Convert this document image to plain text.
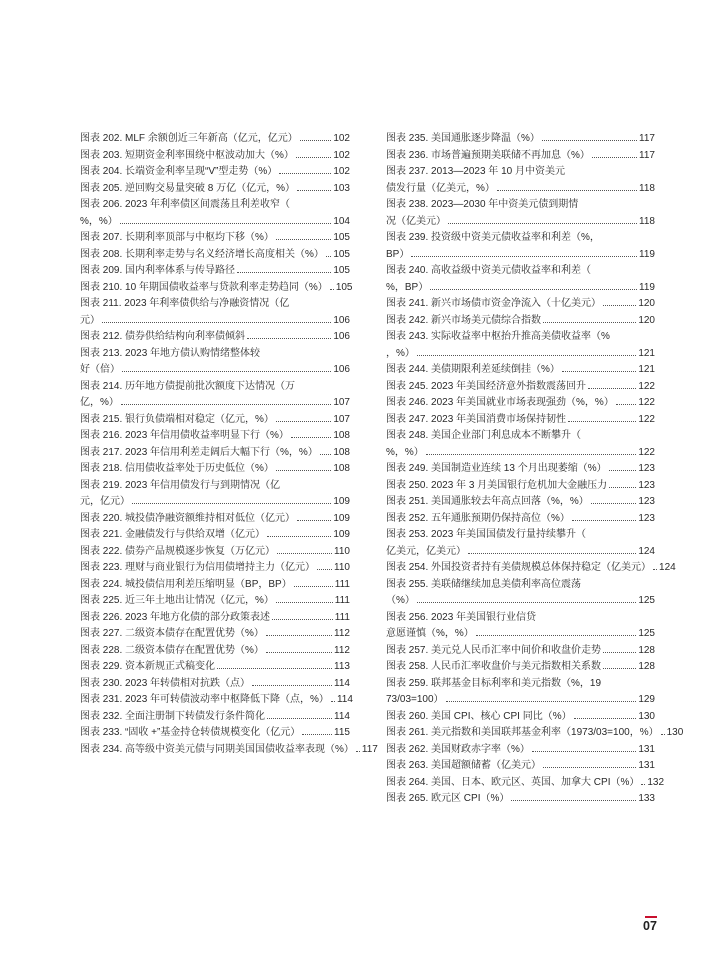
图表 202. MLF 余额创近三年新高（亿元，亿元）	102
图表 203. 短期资金利率围绕中枢波动加大（%）	102
图表 204. 长端资金利率呈现“V”型走势（%）	102
图表 205. 逆回购交易量突破 8 万亿（亿元，%）	103
图表 206. 2023 年利率债区间震荡且利差收窄（
%，%）	104
图表 207. 长期利率顶部与中枢均下移（%）	105
图表 208. 长期利率走势与名义经济增长高度相关（%） 105
图表 209. 国内利率体系与传导路径	105
图表 210. 10 年期国债收益率与贷款利率走势趋同（%） 105
图表 211. 2023 年利率债供给与净融资情况（亿
元）	106
图表 212. 债券供给结构向利率债倾斜	106
图表 213. 2023 年地方债认购情绪整体较
好（倍）	106
图表 214. 历年地方债提前批次额度下达情况（万
亿，%）	107
图表 215. 银行负债端相对稳定（亿元，%）	107
图表 216. 2023 年信用债收益率明显下行（%）	108
图表 217. 2023 年信用利差走阔后大幅下行（%，%） 108
图表 218. 信用债收益率处于历史低位（%）	108
图表 219. 2023 年信用债发行与到期情况（亿
元，亿元）	109
图表 220. 城投债净融资额维持相对低位（亿元）	109
图表 221. 金融债发行与供给双增（亿元）	109
图表 222. 债券产品规模逐步恢复（万亿元）	110
图表 223. 理财与商业银行为信用债增持主力（亿元） 110
图表 224. 城投债信用利差压缩明显（BP，BP）	111
图表 225. 近三年土地出让情况（亿元，%）	111
图表 226. 2023 年地方化债的部分政策表述	111
图表 227. 二级资本债存在配置优势（%）	112
图表 228. 二级资本债存在配置优势（%）	112
图表 229. 资本新规正式稿变化	113
图表 230. 2023 年转债相对抗跌（点）	114
图表 231. 2023 年可转债波动率中枢降低下降（点，%） 114
图表 232. 全面注册制下转债发行条件简化	114
图表 233. “固收 +”基金持仓转债规模变化（亿元）	115
图表 234. 高等级中资美元债与同期美国国债收益率表现（%） 117
图表 235. 美国通胀逐步降温（%）	117
图表 236. 市场普遍预期美联储不再加息（%）	117
图表 237. 2013—2023 年 10 月中资美元
债发行量（亿美元，%）	118
图表 238. 2023—2030 年中资美元债到期情
况（亿美元）	118
图表 239. 投资级中资美元债收益率和利差（%，
BP）	119
图表 240. 高收益级中资美元债收益率和利差（
%，BP）	119
图表 241. 新兴市场债市资金净流入（十亿美元）	120
图表 242. 新兴市场美元债综合指数	120
图表 243. 实际收益率中枢抬升推高美债收益率（%
，%）	121
图表 244. 美债期限利差延续倒挂（%）	121
图表 245. 2023 年美国经济意外指数震荡回升	122
图表 246. 2023 年美国就业市场表现强劲（%，%） 122
图表 247. 2023 年美国消费市场保持韧性	122
图表 248. 美国企业部门利息成本不断攀升（
%，%）	122
图表 249. 美国制造业连续 13 个月出现萎缩（%）	123
图表 250. 2023 年 3 月美国银行危机加大金融压力	123
图表 251. 美国通胀较去年高点回落（%，%）	123
图表 252. 五年通胀预期仍保持高位（%）	123
图表 253. 2023 年美国国债发行量持续攀升（
亿美元，亿美元）	124
图表 254. 外国投资者持有美债规模总体保持稳定（亿美元） 124
图表 255. 美联储继续加息美债利率高位震荡
（%）	125
图表 256. 2023 年美国银行业信贷
意愿谨慎（%，%）	125
图表 257. 美元兑人民币汇率中间价和收盘价走势	128
图表 258. 人民币汇率收盘价与美元指数相关系数	128
图表 259. 联邦基金目标利率和美元指数（%，19
73/03=100）	129
图表 260. 美国 CPI、核心 CPI 同比（%）	130
图表 261. 美元指数和美国联邦基金利率（1973/03=100，%） 130
图表 262. 美国财政赤字率（%）	131
图表 263. 美国超额储蓄（亿美元）	131
图表 264. 美国、日本、欧元区、英国、加拿大 CPI（%） 132
图表 265. 欧元区 CPI（%）	133
07
